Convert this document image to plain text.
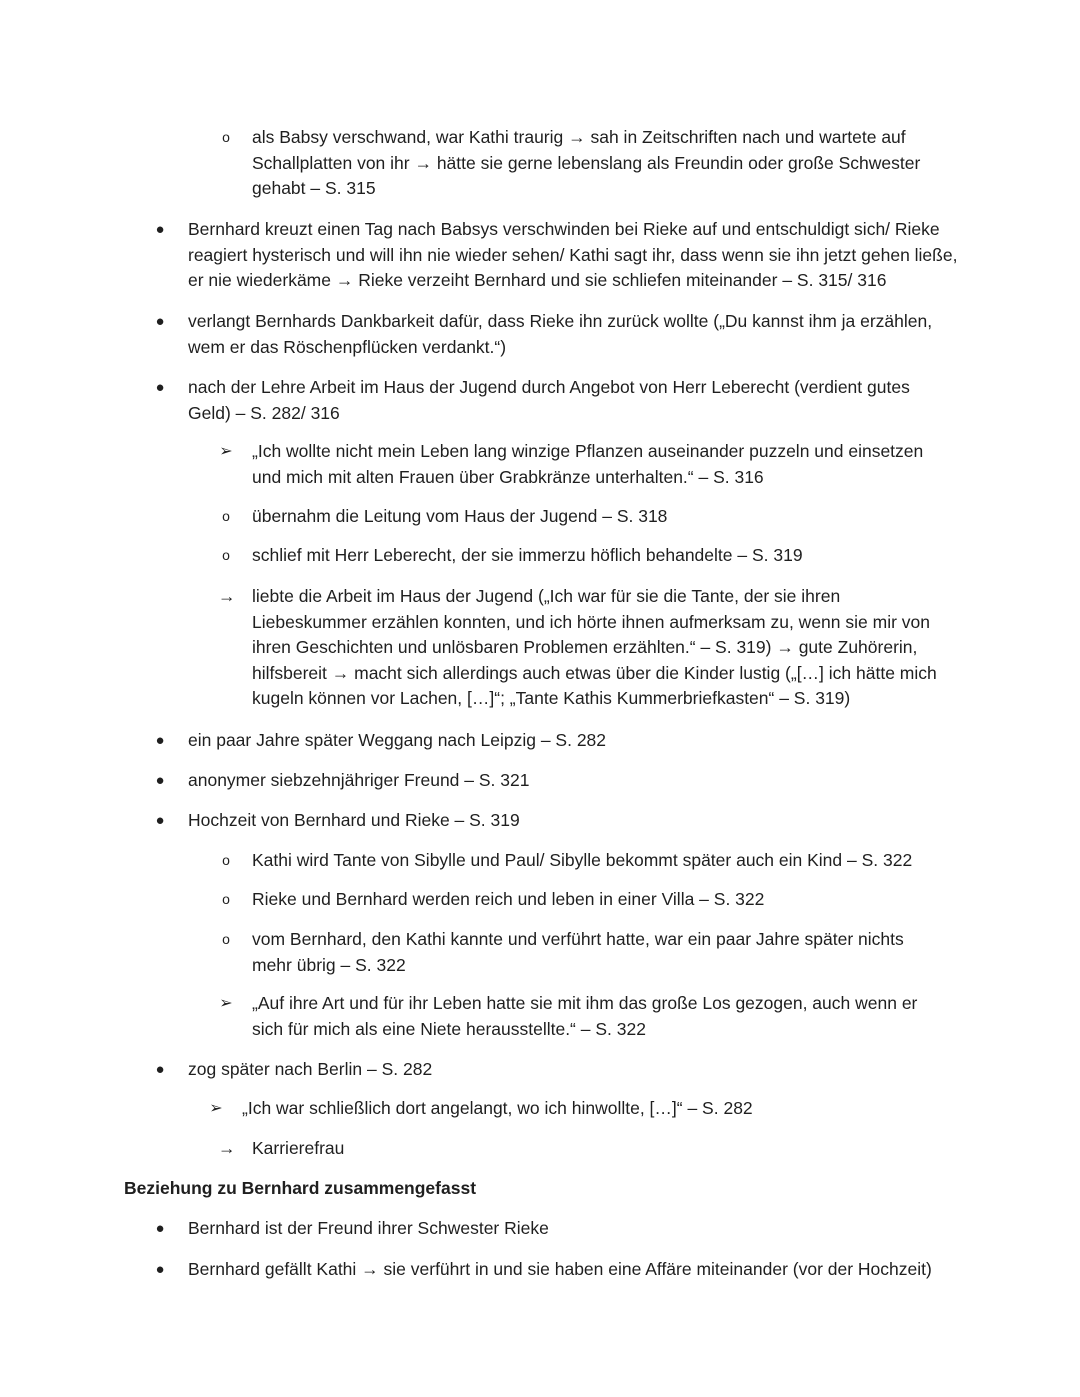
o als Babsy verschwand, war Kathi traurig → sah in Zeitschriften nach und wartete auf Schallplatten von ihr → hätte sie gerne lebenslang als Freundin oder große Schwester gehabt – S. 315
● Bernhard kreuzt einen Tag nach Babsys verschwinden bei Rieke auf und entschuldigt sich/ Rieke reagiert hysterisch und will ihn nie wieder sehen/ Kathi sagt ihr, dass wenn sie ihn jetzt gehen ließe, er nie wiederkäme → Rieke verzeiht Bernhard und sie schliefen miteinander – S. 315/ 316
● verlangt Bernhards Dankbarkeit dafür, dass Rieke ihn zurück wollte („Du kannst ihm ja erzählen, wem er das Röschenpflücken verdankt.“)
● nach der Lehre Arbeit im Haus der Jugend durch Angebot von Herr Leberecht (verdient gutes Geld) – S. 282/ 316
➢ „Ich wollte nicht mein Leben lang winzige Pflanzen auseinander puzzeln und einsetzen und mich mit alten Frauen über Grabkränze unterhalten.“ – S. 316
o übernahm die Leitung vom Haus der Jugend – S. 318
o schlief mit Herr Leberecht, der sie immerzu höflich behandelte – S. 319
→ liebte die Arbeit im Haus der Jugend („Ich war für sie die Tante, der sie ihren Liebeskummer erzählen konnten, und ich hörte ihnen aufmerksam zu, wenn sie mir von ihren Geschichten und unlösbaren Problemen erzählten.“ – S. 319) → gute Zuhörerin, hilfsbereit → macht sich allerdings auch etwas über die Kinder lustig („[…] ich hätte mich kugeln können vor Lachen, […]“; „Tante Kathis Kummerbriefkasten“ – S. 319)
● ein paar Jahre später Weggang nach Leipzig – S. 282
● anonymer siebzehnjähriger Freund – S. 321
● Hochzeit von Bernhard und Rieke – S. 319
o Kathi wird Tante von Sibylle und Paul/ Sibylle bekommt später auch ein Kind – S. 322
o Rieke und Bernhard werden reich und leben in einer Villa – S. 322
o vom Bernhard, den Kathi kannte und verführt hatte, war ein paar Jahre später nichts mehr übrig – S. 322
➢ „Auf ihre Art und für ihr Leben hatte sie mit ihm das große Los gezogen, auch wenn er sich für mich als eine Niete herausstellte.“ – S. 322
● zog später nach Berlin – S. 282
➢ „Ich war schließlich dort angelangt, wo ich hinwollte, […]“ – S. 282
→ Karrierefrau
Beziehung zu Bernhard zusammengefasst
● Bernhard ist der Freund ihrer Schwester Rieke
● Bernhard gefällt Kathi → sie verführt in und sie haben eine Affäre miteinander (vor der Hochzeit)
